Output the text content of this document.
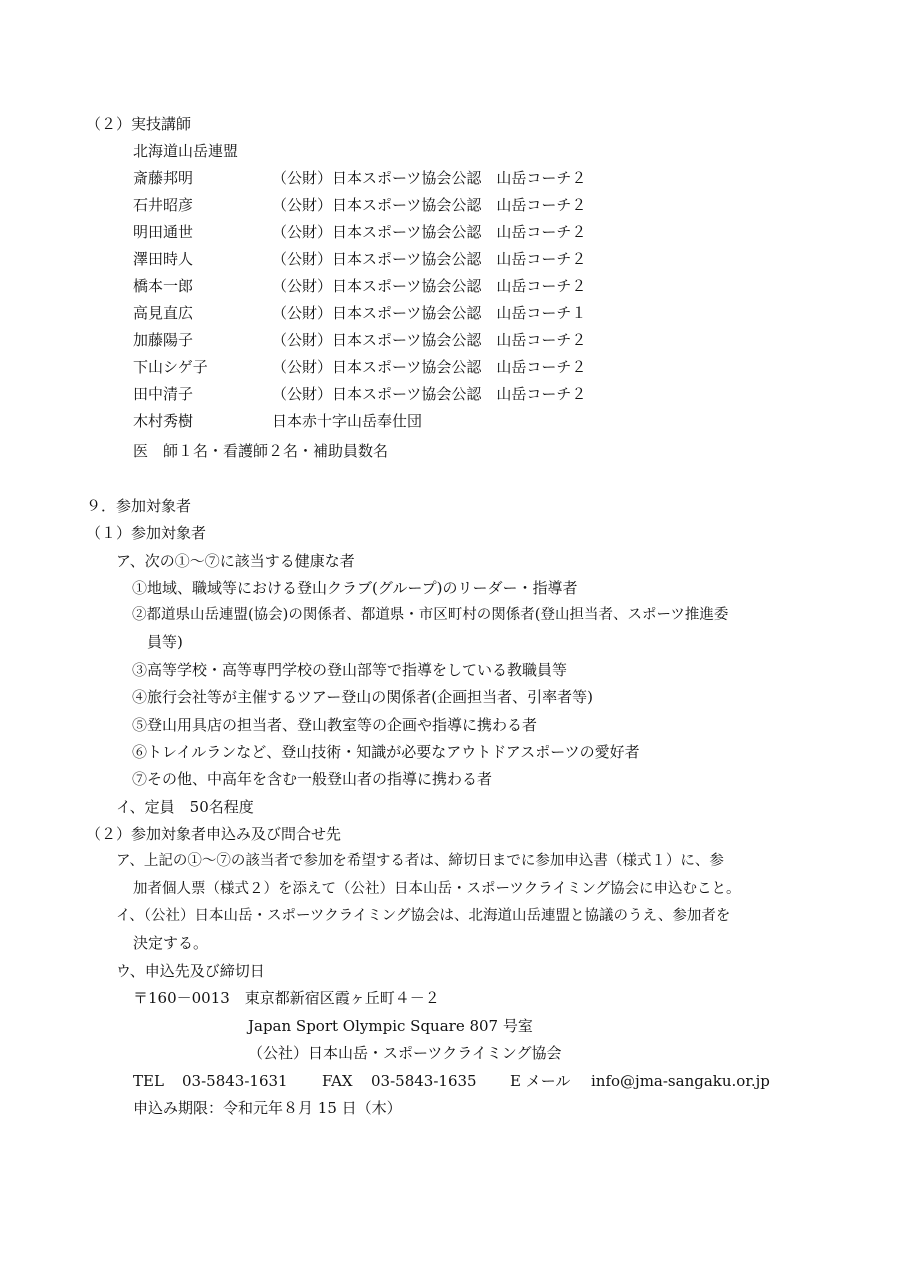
（２）実技講師
北海道山岳連盟
斎藤邦明	（公財）日本スポーツ協会公認　山岳コーチ２
石井昭彦	（公財）日本スポーツ協会公認　山岳コーチ２
明田通世	（公財）日本スポーツ協会公認　山岳コーチ２
澤田時人	（公財）日本スポーツ協会公認　山岳コーチ２
橋本一郎	（公財）日本スポーツ協会公認　山岳コーチ２
高見直広	（公財）日本スポーツ協会公認　山岳コーチ１
加藤陽子	（公財）日本スポーツ協会公認　山岳コーチ２
下山シゲ子	（公財）日本スポーツ協会公認　山岳コーチ２
田中清子	（公財）日本スポーツ協会公認　山岳コーチ２
木村秀樹	日本赤十字山岳奉仕団
医　師１名・看護師２名・補助員数名
９．参加対象者
（１）参加対象者
ア、次の①～⑦に該当する健康な者
①地域、職域等における登山クラブ(グループ)のリーダー・指導者
②都道県山岳連盟(協会)の関係者、都道県・市区町村の関係者(登山担当者、スポーツ推進委
員等)
③高等学校・高等専門学校の登山部等で指導をしている教職員等
④旅行会社等が主催するツアー登山の関係者(企画担当者、引率者等)
⑤登山用具店の担当者、登山教室等の企画や指導に携わる者
⑥トレイルランなど、登山技術・知識が必要なアウトドアスポーツの愛好者
⑦その他、中高年を含む一般登山者の指導に携わる者
イ、定員　50名程度
（２）参加対象者申込み及び問合せ先
ア、上記の①～⑦の該当者で参加を希望する者は、締切日までに参加申込書（様式１）に、参
加者個人票（様式２）を添えて（公社）日本山岳・スポーツクライミング協会に申込むこと。
イ、（公社）日本山岳・スポーツクライミング協会は、北海道山岳連盟と協議のうえ、参加者を
決定する。
ウ、申込先及び締切日
〒160－0013　東京都新宿区霞ヶ丘町４－２
Japan Sport Olympic Square 807 号室
（公社）日本山岳・スポーツクライミング協会
TEL 03-5843-1631 FAX 03-5843-1635 E メール info@jma-sangaku.or.jp
申込み期限：令和元年８月 15 日（木）
